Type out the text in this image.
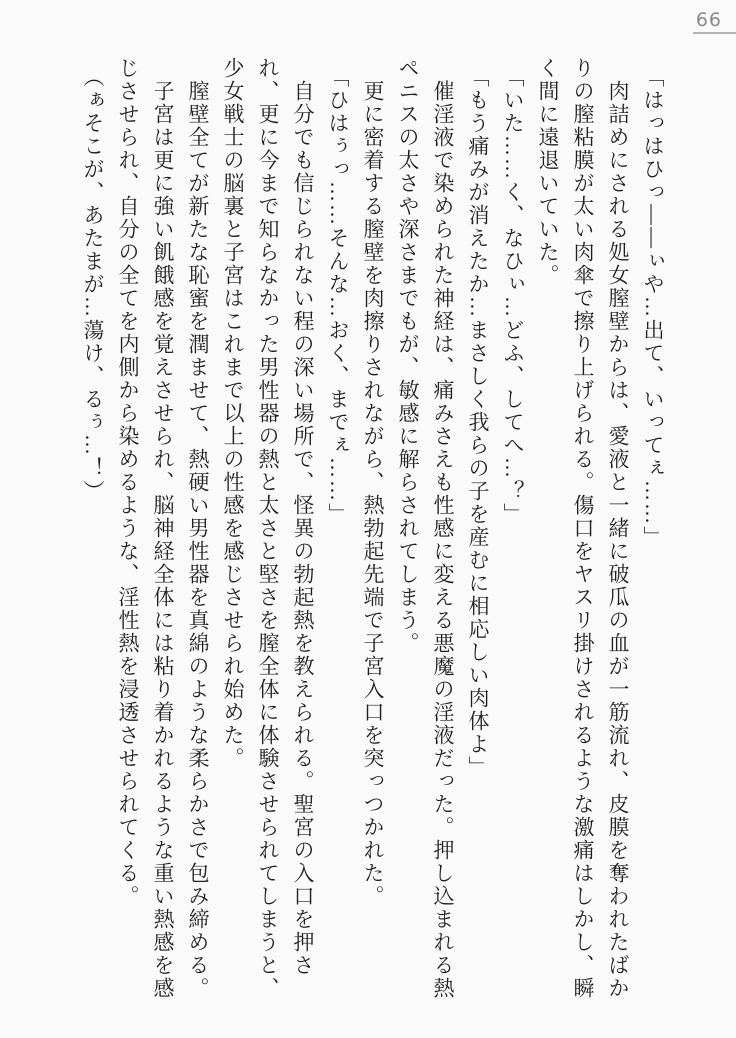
66

「はっはひっ――ぃや…出て、いってぇ……」

肉詰めにされる処女膣壁からは、愛液と一緒に破瓜の血が一筋流れ、皮膜を奪われたばかりの膣粘膜が太い肉傘で擦り上げられる。傷口をヤスリ掛けされるような激痛はしかし、瞬く間に遠退いていた。

「いた……く、なひぃ…どふ、してへ…？」

「もう痛みが消えたか…まさしく我らの子を産むに相応しい肉体よ」

催淫液で染められた神経は、痛みさえも性感に変える悪魔の淫液だった。押し込まれる熱ペニスの太さや深さまでもが、敏感に解らされてしまう。

更に密着する膣壁を肉擦りされながら、熱勃起先端で子宮入口を突っつかれた。

「ひはぅっ……そんな…おく、までぇ……」

自分でも信じられない程の深い場所で、怪異の勃起熱を教えられる。聖宮の入口を押され、更に今まで知らなかった男性器の熱と太さと堅さを膣全体に体験させられてしまうと、少女戦士の脳裏と子宮はこれまで以上の性感を感じさせられ始めた。

膣壁全てが新たな恥蜜を潤ませて、熱硬い男性器を真綿のような柔らかさで包み締める。

子宮は更に強い飢餓感を覚えさせられ、脳神経全体には粘り着かれるような重い熱感を感じさせられ、自分の全てを内側から染めるような、淫性熱を浸透させられてくる。

（ぁそこが、あたまが…蕩け、るぅ…！）
